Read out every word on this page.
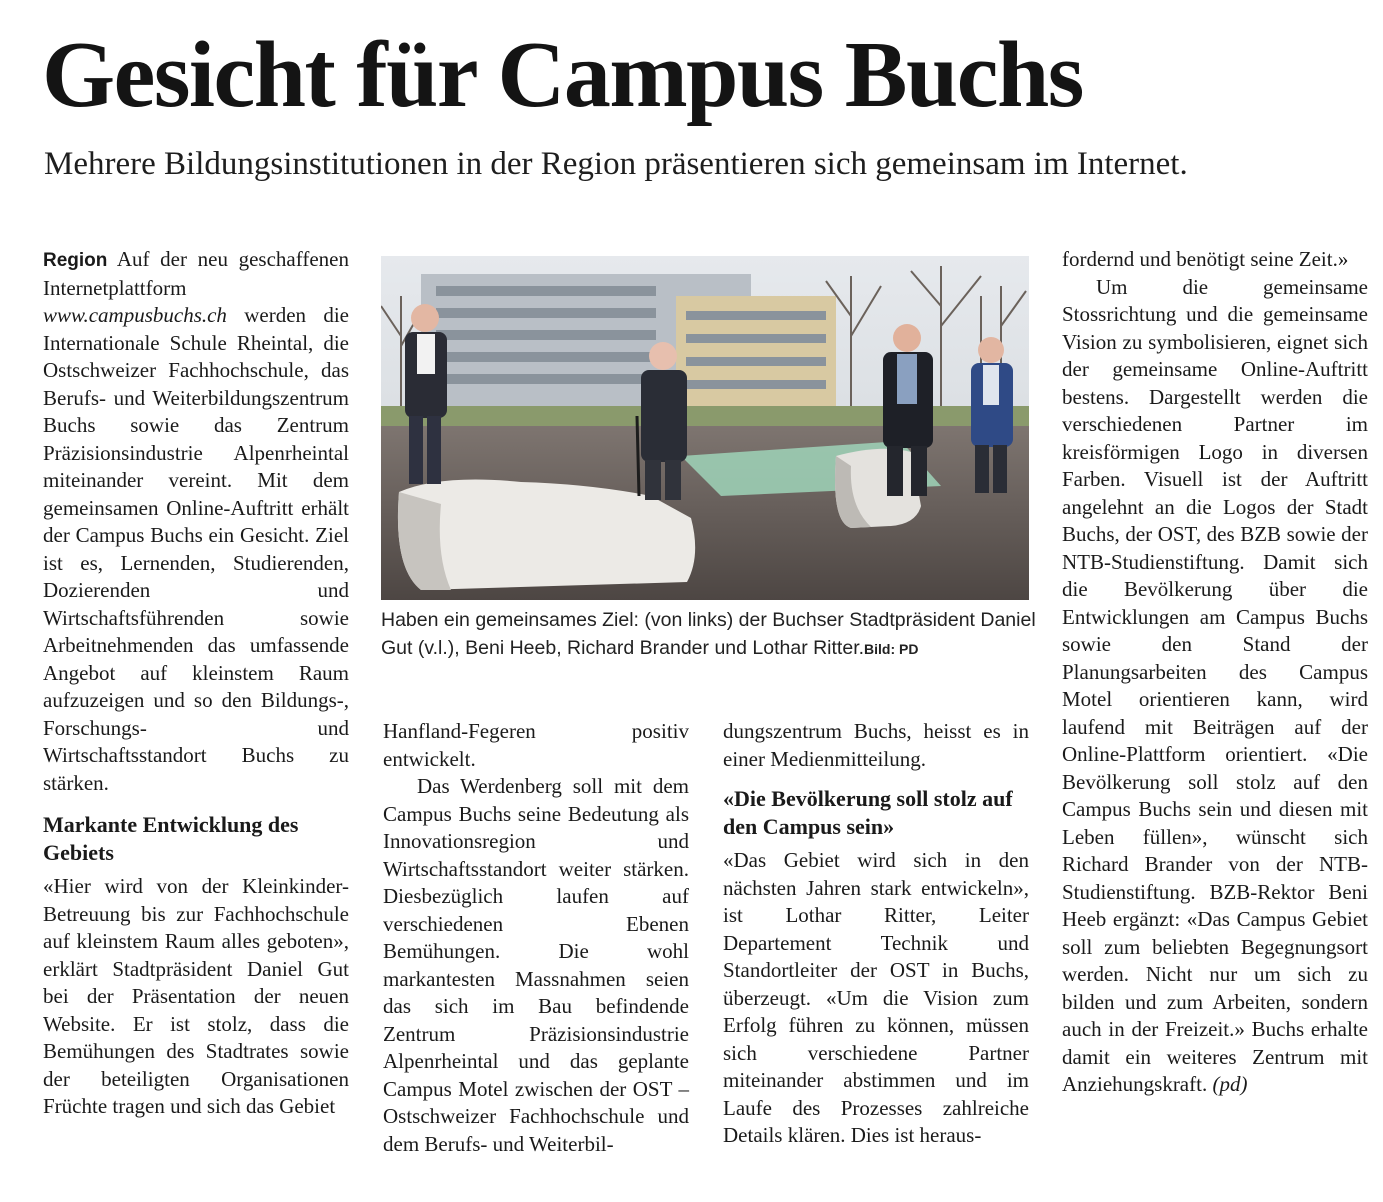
Gesicht für Campus Buchs
Mehrere Bildungsinstitutionen in der Region präsentieren sich gemeinsam im Internet.

Region Auf der neu geschaffenen Internetplattform www.campusbuchs.ch werden die Internationale Schule Rheintal, die Ostschweizer Fachhochschule, das Berufs- und Weiterbildungszentrum Buchs sowie das Zentrum Präzisionsindustrie Alpenrheintal miteinander vereint. Mit dem gemeinsamen Online-Auftritt erhält der Campus Buchs ein Gesicht. Ziel ist es, Lernenden, Studierenden, Dozierenden und Wirtschaftsführenden sowie Arbeitnehmenden das umfassende Angebot auf kleinstem Raum aufzuzeigen und so den Bildungs-, Forschungs- und Wirtschaftsstandort Buchs zu stärken.

Markante Entwicklung des Gebiets

«Hier wird von der Kleinkinder-Betreuung bis zur Fachhochschule auf kleinstem Raum alles geboten», erklärt Stadtpräsident Daniel Gut bei der Präsentation der neuen Website. Er ist stolz, dass die Bemühungen des Stadtrates sowie der beteiligten Organisationen Früchte tragen und sich das Gebiet

Haben ein gemeinsames Ziel: (von links) der Buchser Stadtpräsident Daniel Gut (v.l.), Beni Heeb, Richard Brander und Lothar Ritter.Bild: PD

Hanfland-Fegeren positiv entwickelt.

Das Werdenberg soll mit dem Campus Buchs seine Bedeutung als Innovationsregion und Wirtschaftsstandort weiter stärken. Diesbezüglich laufen auf verschiedenen Ebenen Bemühungen. Die wohl markantesten Massnahmen seien das sich im Bau befindende Zentrum Präzisionsindustrie Alpenrheintal und das geplante Campus Motel zwischen der OST – Ostschweizer Fachhochschule und dem Berufs- und Weiterbil-

dungszentrum Buchs, heisst es in einer Medienmitteilung.

«Die Bevölkerung soll stolz auf den Campus sein»

«Das Gebiet wird sich in den nächsten Jahren stark entwickeln», ist Lothar Ritter, Leiter Departement Technik und Standortleiter der OST in Buchs, überzeugt. «Um die Vision zum Erfolg führen zu können, müssen sich verschiedene Partner miteinander abstimmen und im Laufe des Prozesses zahlreiche Details klären. Dies ist heraus-

fordernd und benötigt seine Zeit.»

Um die gemeinsame Stossrichtung und die gemeinsame Vision zu symbolisieren, eignet sich der gemeinsame Online-Auftritt bestens. Dargestellt werden die verschiedenen Partner im kreisförmigen Logo in diversen Farben. Visuell ist der Auftritt angelehnt an die Logos der Stadt Buchs, der OST, des BZB sowie der NTB-Studienstiftung. Damit sich die Bevölkerung über die Entwicklungen am Campus Buchs sowie den Stand der Planungsarbeiten des Campus Motel orientieren kann, wird laufend mit Beiträgen auf der Online-Plattform orientiert. «Die Bevölkerung soll stolz auf den Campus Buchs sein und diesen mit Leben füllen», wünscht sich Richard Brander von der NTB-Studienstiftung. BZB-Rektor Beni Heeb ergänzt: «Das Campus Gebiet soll zum beliebten Begegnungsort werden. Nicht nur um sich zu bilden und zum Arbeiten, sondern auch in der Freizeit.» Buchs erhalte damit ein weiteres Zentrum mit Anziehungskraft. (pd)
